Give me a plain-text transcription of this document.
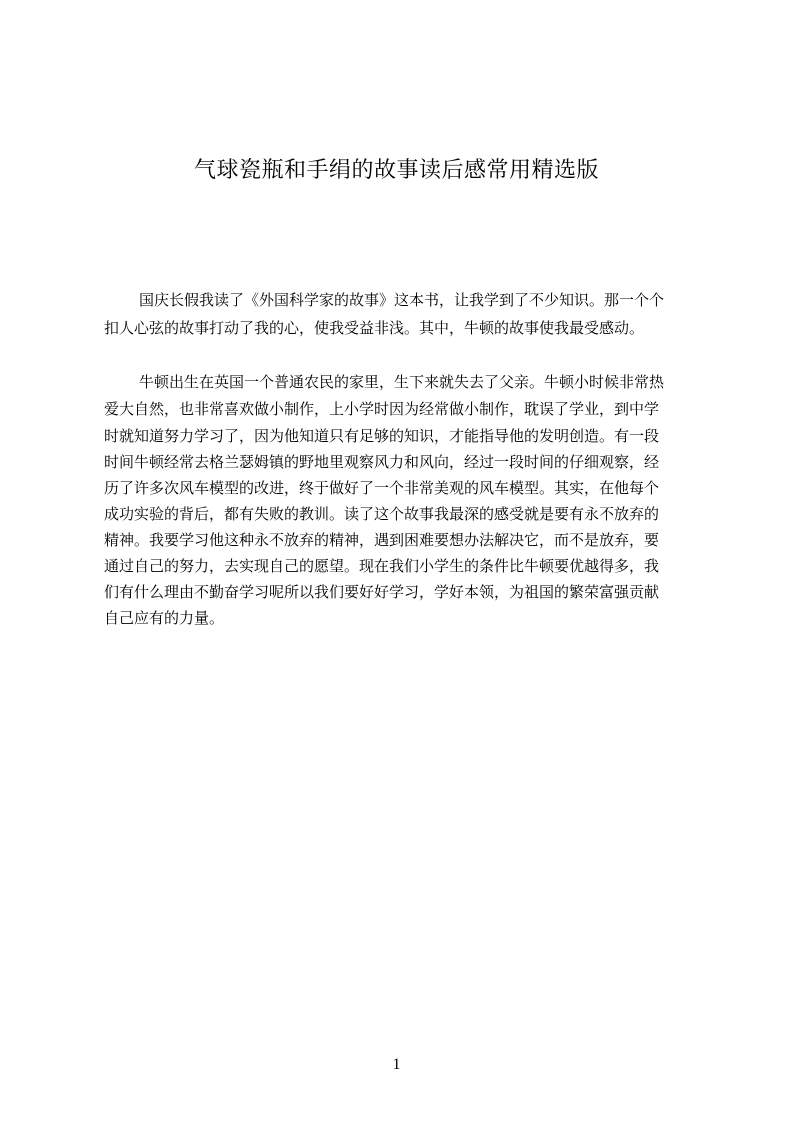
气球瓷瓶和手绢的故事读后感常用精选版
国庆长假我读了《外国科学家的故事》这本书，让我学到了不少知识。那一个个
扣人心弦的故事打动了我的心，使我受益非浅。其中，牛顿的故事使我最受感动。
牛顿出生在英国一个普通农民的家里，生下来就失去了父亲。牛顿小时候非常热
爱大自然，也非常喜欢做小制作，上小学时因为经常做小制作，耽误了学业，到中学
时就知道努力学习了，因为他知道只有足够的知识，才能指导他的发明创造。有一段
时间牛顿经常去格兰瑟姆镇的野地里观察风力和风向，经过一段时间的仔细观察，经
历了许多次风车模型的改进，终于做好了一个非常美观的风车模型。其实，在他每个
成功实验的背后，都有失败的教训。读了这个故事我最深的感受就是要有永不放弃的
精神。我要学习他这种永不放弃的精神，遇到困难要想办法解决它，而不是放弃，要
通过自己的努力，去实现自己的愿望。现在我们小学生的条件比牛顿要优越得多，我
们有什么理由不勤奋学习呢所以我们要好好学习，学好本领，为祖国的繁荣富强贡献
自己应有的力量。
1
